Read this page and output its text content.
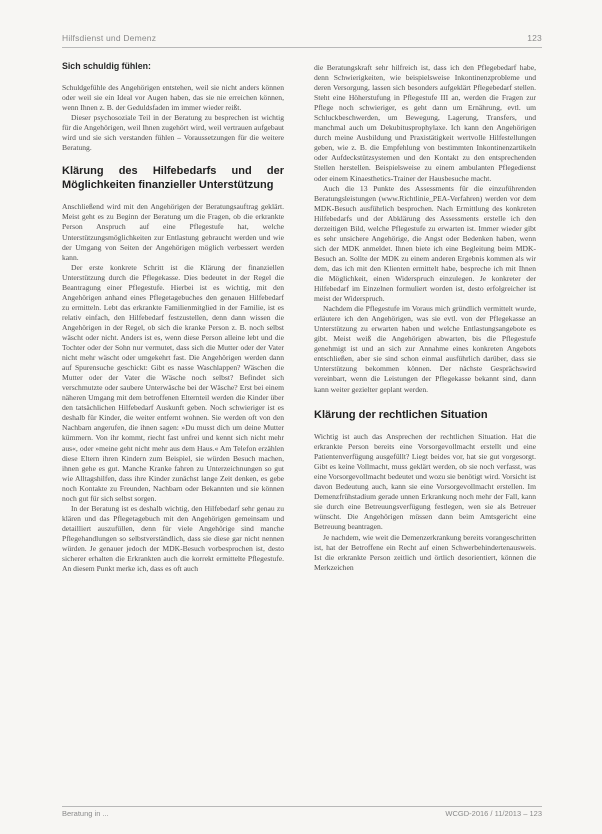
Hilfsdienst und Demenz	123
Sich schuldig fühlen:

Schuldgefühle des Angehörigen entstehen, weil sie nicht anders können oder weil sie ein Ideal vor Augen haben, das sie nie erreichen können, wenn Ihnen z. B. der Geduldsfaden im immer wieder reißt.

Dieser psychosoziale Teil in der Beratung zu besprechen ist wichtig für die Angehörigen, weil Ihnen zugehört wird, weil vertrauen aufgebaut wird und sie sich verstanden fühlen – Voraussetzungen für die weitere Beratung.

Klärung des Hilfebedarfs und der Möglichkeiten finanzieller Unterstützung

Anschließend wird mit den Angehörigen der Beratungsauftrag geklärt. Meist geht es zu Beginn der Beratung um die Fragen, ob die erkrankte Person Anspruch auf eine Pflegestufe hat, welche Unterstützungsmöglichkeiten zur Entlastung gebraucht werden und wie der Umgang von Seiten der Angehörigen möglich verbessert werden kann.

Der erste konkrete Schritt ist die Klärung der finanziellen Unterstützung durch die Pflegekasse. Dies bedeutet in der Regel die Beantragung einer Pflegestufe. Hierbei ist es wichtig, mit den Angehörigen anhand eines Pflegetagebuches den genauen Hilfebedarf zu ermitteln. Lebt das erkrankte Familienmitglied in der Familie, ist es relativ einfach, den Hilfebedarf festzustellen, denn dann wissen die Angehörigen in der Regel, ob sich die kranke Person z. B. noch selbst wäscht oder nicht. Anders ist es, wenn diese Person alleine lebt und die Tochter oder der Sohn nur vermutet, dass sich die Mutter oder der Vater nicht mehr wäscht oder umgekehrt fast. Die Angehörigen werden dann auf Spurensuche geschickt: Gibt es nasse Waschlappen? Wäschen die Mutter oder der Vater die Wäsche noch selbst? Befindet sich verschmutzte oder saubere Unterwäsche bei der Wäsche? Erst bei einem näheren Umgang mit dem betroffenen Elternteil werden die Kinder über den tatsächlichen Hilfebedarf Auskunft geben. Noch schwieriger ist es deshalb für Kinder, die weiter entfernt wohnen. Sie werden oft von den Nachbarn angerufen, die ihnen sagen: »Du musst dich um deine Mutter kümmern. Von ihr kommt, riecht fast unfrei und kennt sich nicht mehr aus«, oder »meine geht nicht mehr aus dem Haus.« Am Telefon erzählen diese Eltern ihren Kindern zum Beispiel, sie würden Besuch machen, ihnen gehe es gut. Manche Kranke fahren zu Unterzeichnungen so gut wie Alltagshilfen, dass ihre Kinder zunächst lange Zeit denken, es gebe noch Kontakte zu Freunden, Nachbarn oder Bekannten und sie können noch gut für sich selbst sorgen.

In der Beratung ist es deshalb wichtig, den Hilfebedarf sehr genau zu klären und das Pflegetagebuch mit den Angehörigen gemeinsam und detailliert auszufüllen, denn für viele Angehörige sind manche Pflegehandlungen so selbstverständlich, dass sie diese gar nicht nennen würden. Je genauer jedoch der MDK-Besuch vorbesprochen ist, desto sicherer erhalten die Erkrankten auch die korrekt ermittelte Pflegestufe. An diesem Punkt merke ich, dass es oft auch

die Beratungskraft sehr hilfreich ist, dass ich den Pflegebedarf habe, denn Schwierigkeiten, wie beispielsweise Inkontinenzprobleme und deren Versorgung, lassen sich besonders aufgeklärt Pflegebedarf stellen. Steht eine Höherstufung in Pflegestufe III an, werden die Fragen zur Pflege noch schwieriger, es geht dann um Ernährung, evtl. um Schluckbeschwerden, um Bewegung, Lagerung, Transfers, und manchmal auch um Dekubitusprophylaxe. Ich kann den Angehörigen durch meine Ausbildung und Praxistätigkeit wertvolle Hilfestellungen geben, wie z. B. die Empfehlung von bestimmten Inkontinenzartikeln oder Aufdeckstützsystemen und den Kontakt zu den entsprechenden Stellen herstellen. Beispielsweise zu einem ambulanten Pflegedienst oder einem Kinaesthetics-Trainer der Hausbesuche macht.

Auch die 13 Punkte des Assessments für die einzuführenden Beratungsleistungen (www.Richtlinie_PEA-Verfahren) werden vor dem MDK-Besuch ausführlich besprochen. Nach Ermittlung des konkreten Hilfebedarfs und der Abklärung des Assessments erstelle ich den derzeitigen Bild, welche Pflegestufe zu erwarten ist. Immer wieder gibt es sehr unsichere Angehörige, die Angst oder Bedenken haben, wenn sich der MDK anmeldet. Ihnen biete ich eine Begleitung beim MDK-Besuch an. Sollte der MDK zu einem anderen Ergebnis kommen als wir dem, das ich mit den Klienten ermittelt habe, bespreche ich mit Ihnen die Möglichkeit, einen Widerspruch einzulegen. Je konkreter der Hilfebedarf im Einzelnen formuliert worden ist, desto erfolgreicher ist meist der Widerspruch.

Nachdem die Pflegestufe im Voraus mich gründlich vermittelt wurde, erläutere ich den Angehörigen, was sie evtl. von der Pflegekasse an Unterstützung zu erwarten haben und welche Entlastungsangebote es gibt. Meist weiß die Angehörigen abwarten, bis die Pflegestufe genehmigt ist und an sich zur Annahme eines konkreten Angebots entschließen, aber sie sind schon einmal ausführlich darüber, dass sie Unterstützung bekommen können. Der nächste Gesprächswird vereinbart, wenn die Leistungen der Pflegekasse bekannt sind, dann kann weiter gezielter geplant werden.

Klärung der rechtlichen Situation

Wichtig ist auch das Ansprechen der rechtlichen Situation. Hat die erkrankte Person bereits eine Vorsorgevollmacht erstellt und eine Patientenverfügung ausgefüllt? Liegt beides vor, hat sie gut vorgesorgt. Gibt es keine Vollmacht, muss geklärt werden, ob sie noch verfasst, was eine Vorsorgevollmacht bedeutet und wozu sie benötigt wird. Vorsicht ist davon Bedeutung auch, kann sie eine Vorsorgevollmacht erstellen. Im Demenzfrühstadium gerade unnen Erkrankung noch mehr der Fall, kann sie durch eine Betreuungsverfügung festlegen, wen sie als Betreuer wünscht. Die Angehörigen müssen dann beim Amtsgericht eine Betreuung beantragen.

Je nachdem, wie weit die Demenzerkrankung bereits vorangeschritten ist, hat der Betroffene ein Recht auf einen Schwerbehindertenausweis. Ist die erkrankte Person zeitlich und örtlich desorientiert, können die Merkzeichen

Beratung in ...	WCGD-2016 / 11/2013 – 123
